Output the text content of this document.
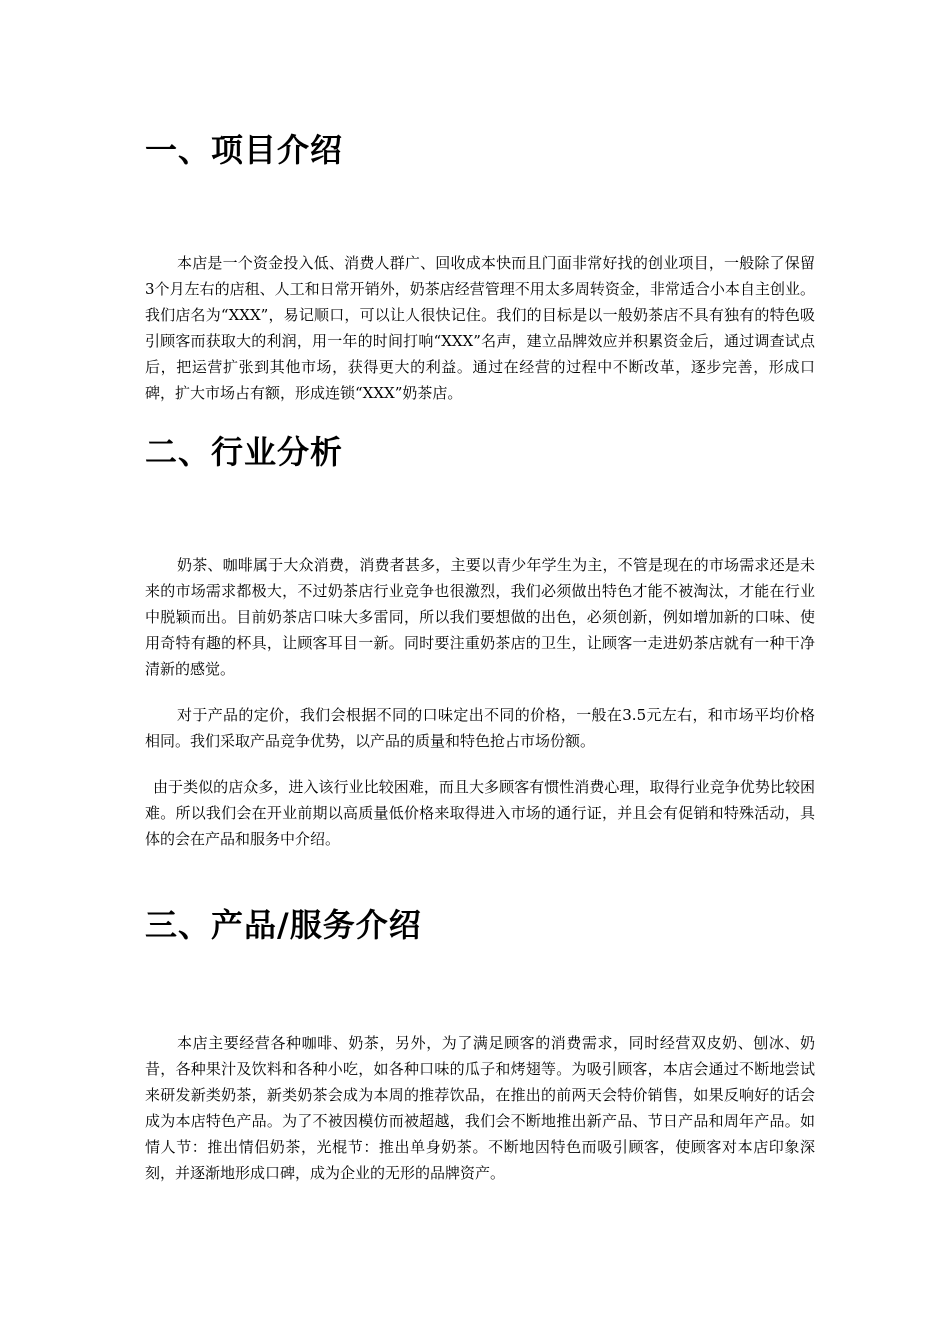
一、项目介绍

本店是一个资金投入低、消费人群广、回收成本快而且门面非常好找的创业项目，一般除了保留3个月左右的店租、人工和日常开销外，奶茶店经营管理不用太多周转资金，非常适合小本自主创业。我们店名为“XXX”，易记顺口，可以让人很快记住。我们的目标是以一般奶茶店不具有独有的特色吸引顾客而获取大的利润，用一年的时间打响“XXX”名声，建立品牌效应并积累资金后，通过调查试点后，把运营扩张到其他市场，获得更大的利益。通过在经营的过程中不断改革，逐步完善，形成口碑，扩大市场占有额，形成连锁“XXX”奶茶店。

二、行业分析

奶茶、咖啡属于大众消费，消费者甚多，主要以青少年学生为主，不管是现在的市场需求还是未来的市场需求都极大，不过奶茶店行业竞争也很激烈，我们必须做出特色才能不被淘汰，才能在行业中脱颖而出。目前奶茶店口味大多雷同，所以我们要想做的出色，必须创新，例如增加新的口味、使用奇特有趣的杯具，让顾客耳目一新。同时要注重奶茶店的卫生，让顾客一走进奶茶店就有一种干净清新的感觉。

对于产品的定价，我们会根据不同的口味定出不同的价格，一般在3.5元左右，和市场平均价格相同。我们采取产品竞争优势，以产品的质量和特色抢占市场份额。

由于类似的店众多，进入该行业比较困难，而且大多顾客有惯性消费心理，取得行业竞争优势比较困难。所以我们会在开业前期以高质量低价格来取得进入市场的通行证，并且会有促销和特殊活动，具体的会在产品和服务中介绍。

三、产品/服务介绍

本店主要经营各种咖啡、奶茶，另外，为了满足顾客的消费需求，同时经营双皮奶、刨冰、奶昔，各种果汁及饮料和各种小吃，如各种口味的瓜子和烤翅等。为吸引顾客，本店会通过不断地尝试来研发新类奶茶，新类奶茶会成为本周的推荐饮品，在推出的前两天会特价销售，如果反响好的话会成为本店特色产品。为了不被因模仿而被超越，我们会不断地推出新产品、节日产品和周年产品。如情人节：推出情侣奶茶，光棍节：推出单身奶茶。不断地因特色而吸引顾客，使顾客对本店印象深刻，并逐渐地形成口碑，成为企业的无形的品牌资产。
